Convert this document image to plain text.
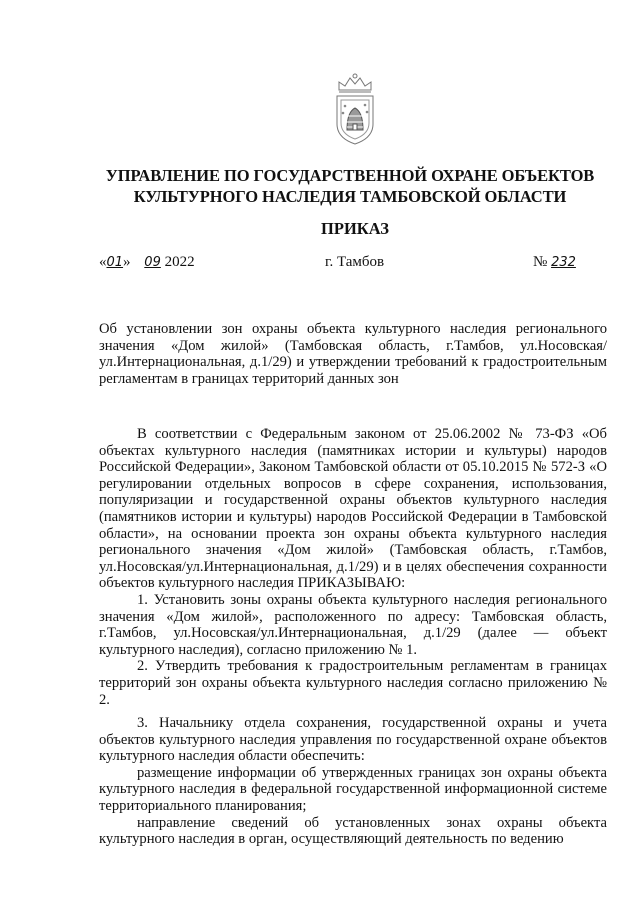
УПРАВЛЕНИЕ ПО ГОСУДАРСТВЕННОЙ ОХРАНЕ ОБЪЕКТОВ
КУЛЬТУРНОГО НАСЛЕДИЯ ТАМБОВСКОЙ ОБЛАСТИ
ПРИКАЗ
«01» 09 2022	г. Тамбов	№ 232

Об установлении зон охраны объекта культурного наследия регионального значения «Дом жилой» (Тамбовская область, г.Тамбов, ул.Носовская/ул.Интернациональная, д.1/29) и утверждении требований к градостроительным регламентам в границах территорий данных зон

В соответствии с Федеральным законом от 25.06.2002 № 73-ФЗ «Об объектах культурного наследия (памятниках истории и культуры) народов Российской Федерации», Законом Тамбовской области от 05.10.2015 № 572-З «О регулировании отдельных вопросов в сфере сохранения, использования, популяризации и государственной охраны объектов культурного наследия (памятников истории и культуры) народов Российской Федерации в Тамбовской области», на основании проекта зон охраны объекта культурного наследия регионального значения «Дом жилой» (Тамбовская область, г.Тамбов, ул.Носовская/ул.Интернациональная, д.1/29) и в целях обеспечения сохранности объектов культурного наследия ПРИКАЗЫВАЮ:

1. Установить зоны охраны объекта культурного наследия регионального значения «Дом жилой», расположенного по адресу: Тамбовская область, г.Тамбов, ул.Носовская/ул.Интернациональная, д.1/29 (далее — объект культурного наследия), согласно приложению № 1.

2. Утвердить требования к градостроительным регламентам в границах территорий зон охраны объекта культурного наследия согласно приложению № 2.

3. Начальнику отдела сохранения, государственной охраны и учета объектов культурного наследия управления по государственной охране объектов культурного наследия области обеспечить:

размещение информации об утвержденных границах зон охраны объекта культурного наследия в федеральной государственной информационной системе территориального планирования;

направление сведений об установленных зонах охраны объекта культурного наследия в орган, осуществляющий деятельность по ведению
